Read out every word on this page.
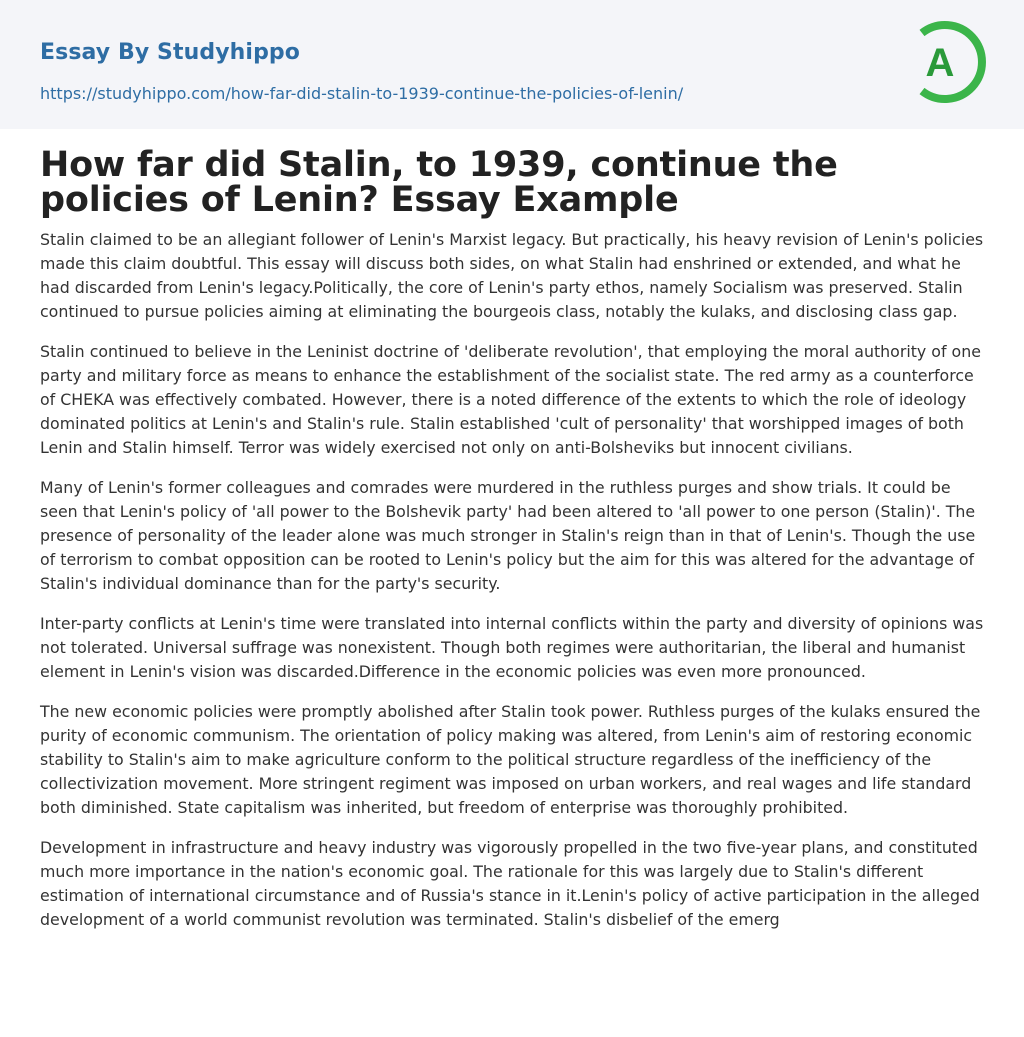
Essay By Studyhippo
https://studyhippo.com/how-far-did-stalin-to-1939-continue-the-policies-of-lenin/
A
How far did Stalin, to 1939, continue the policies of Lenin? Essay Example

Stalin claimed to be an allegiant follower of Lenin's Marxist legacy. But practically, his heavy revision of Lenin's policies made this claim doubtful. This essay will discuss both sides, on what Stalin had enshrined or extended, and what he had discarded from Lenin's legacy.Politically, the core of Lenin's party ethos, namely Socialism was preserved. Stalin continued to pursue policies aiming at eliminating the bourgeois class, notably the kulaks, and disclosing class gap.

Stalin continued to believe in the Leninist doctrine of 'deliberate revolution', that employing the moral authority of one party and military force as means to enhance the establishment of the socialist state. The red army as a counterforce of CHEKA was effectively combated. However, there is a noted difference of the extents to which the role of ideology dominated politics at Lenin's and Stalin's rule. Stalin established 'cult of personality' that worshipped images of both Lenin and Stalin himself. Terror was widely exercised not only on anti-Bolsheviks but innocent civilians.

Many of Lenin's former colleagues and comrades were murdered in the ruthless purges and show trials. It could be seen that Lenin's policy of 'all power to the Bolshevik party' had been altered to 'all power to one person (Stalin)'. The presence of personality of the leader alone was much stronger in Stalin's reign than in that of Lenin's. Though the use of terrorism to combat opposition can be rooted to Lenin's policy but the aim for this was altered for the advantage of Stalin's individual dominance than for the party's security.

Inter-party conflicts at Lenin's time were translated into internal conflicts within the party and diversity of opinions was not tolerated. Universal suffrage was nonexistent. Though both regimes were authoritarian, the liberal and humanist element in Lenin's vision was discarded.Difference in the economic policies was even more pronounced.

The new economic policies were promptly abolished after Stalin took power. Ruthless purges of the kulaks ensured the purity of economic communism. The orientation of policy making was altered, from Lenin's aim of restoring economic stability to Stalin's aim to make agriculture conform to the political structure regardless of the inefficiency of the collectivization movement. More stringent regiment was imposed on urban workers, and real wages and life standard both diminished. State capitalism was inherited, but freedom of enterprise was thoroughly prohibited.

Development in infrastructure and heavy industry was vigorously propelled in the two five-year plans, and constituted much more importance in the nation's economic goal. The rationale for this was largely due to Stalin's different estimation of international circumstance and of Russia's stance in it.Lenin's policy of active participation in the alleged development of a world communist revolution was terminated. Stalin's disbelief of the emerg
